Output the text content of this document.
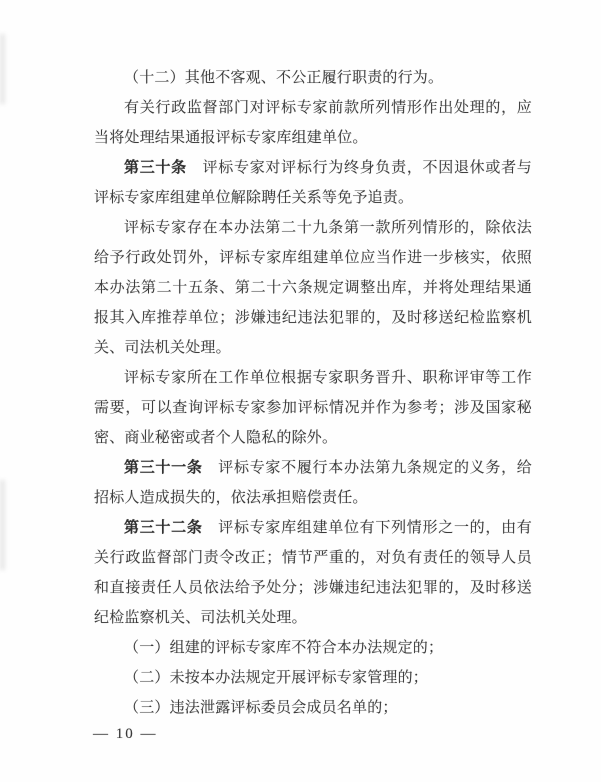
（十二）其他不客观、不公正履行职责的行为。

有关行政监督部门对评标专家前款所列情形作出处理的，应当将处理结果通报评标专家库组建单位。

第三十条　评标专家对评标行为终身负责，不因退休或者与评标专家库组建单位解除聘任关系等免予追责。

评标专家存在本办法第二十九条第一款所列情形的，除依法给予行政处罚外，评标专家库组建单位应当作进一步核实，依照本办法第二十五条、第二十六条规定调整出库，并将处理结果通报其入库推荐单位；涉嫌违纪违法犯罪的，及时移送纪检监察机关、司法机关处理。

评标专家所在工作单位根据专家职务晋升、职称评审等工作需要，可以查询评标专家参加评标情况并作为参考；涉及国家秘密、商业秘密或者个人隐私的除外。

第三十一条　评标专家不履行本办法第九条规定的义务，给招标人造成损失的，依法承担赔偿责任。

第三十二条　评标专家库组建单位有下列情形之一的，由有关行政监督部门责令改正；情节严重的，对负有责任的领导人员和直接责任人员依法给予处分；涉嫌违纪违法犯罪的，及时移送纪检监察机关、司法机关处理。

（一）组建的评标专家库不符合本办法规定的；

（二）未按本办法规定开展评标专家管理的；

（三）违法泄露评标委员会成员名单的；

— 10 —
